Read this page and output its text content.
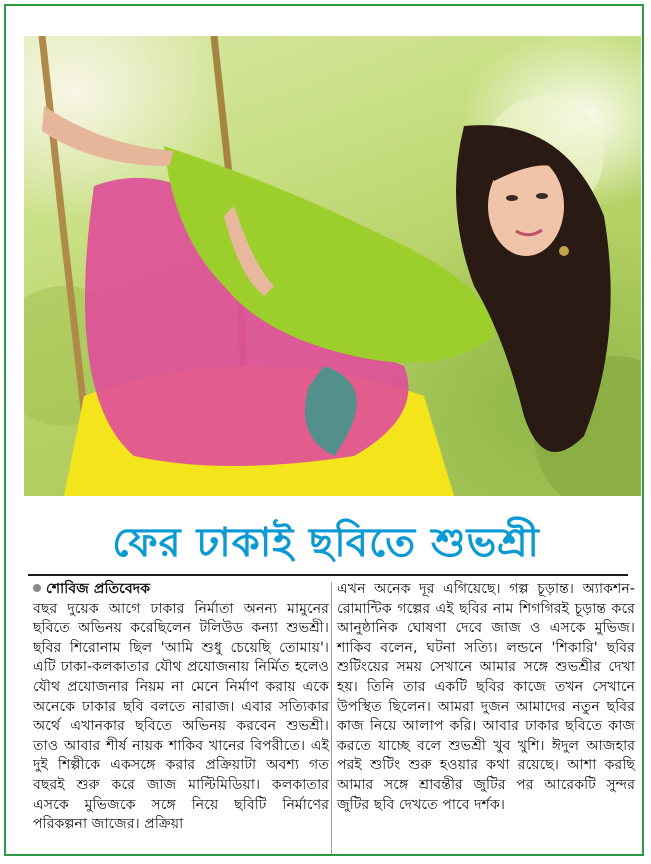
ফের ঢাকাই ছবিতে শুভশ্রী
শোবিজ প্রতিবেদক
বছর দুয়েক আগে ঢাকার নির্মাতা অনন্য মামুনের ছবিতে অভিনয় করেছিলেন টলিউড কন্যা শুভশ্রী। ছবির শিরোনাম ছিল 'আমি শুধু চেয়েছি তোমায়'। এটি ঢাকা-কলকাতার যৌথ প্রযোজনায় নির্মিত হলেও যৌথ প্রযোজনার নিয়ম না মেনে নির্মাণ করায় একে অনেকে ঢাকার ছবি বলতে নারাজ। এবার সত্যিকার অর্থে এখানকার ছবিতে অভিনয় করবেন শুভশ্রী। তাও আবার শীর্ষ নায়ক শাকিব খানের বিপরীতে। এই দুই শিল্পীকে একসঙ্গে করার প্রক্রিয়াটা অবশ্য গত বছরই শুরু করে জাজ মাল্টিমিডিয়া। কলকাতার এসকে মুভিজকে সঙ্গে নিয়ে ছবিটি নির্মাণের পরিকল্পনা জাজের। প্রক্রিয়া
এখন অনেক দূর এগিয়েছে। গল্প চূড়ান্ত। অ্যাকশন-রোমান্টিক গল্পের এই ছবির নাম শিগগিরই চূড়ান্ত করে আনুষ্ঠানিক ঘোষণা দেবে জাজ ও এসকে মুভিজ। শাকিব বলেন, ঘটনা সত্যি। লন্ডনে 'শিকারি' ছবির শুটিংয়ের সময় সেখানে আমার সঙ্গে শুভশ্রীর দেখা হয়। তিনি তার একটি ছবির কাজে তখন সেখানে উপস্থিত ছিলেন। আমরা দুজন আমাদের নতুন ছবির কাজ নিয়ে আলাপ করি। আবার ঢাকার ছবিতে কাজ করতে যাচ্ছে বলে শুভশ্রী খুব খুশি। ঈদুল আজহার পরই শুটিং শুরু হওয়ার কথা রয়েছে। আশা করছি আমার সঙ্গে শ্রাবন্তীর জুটির পর আরেকটি সুন্দর জুটির ছবি দেখতে পাবে দর্শক।
